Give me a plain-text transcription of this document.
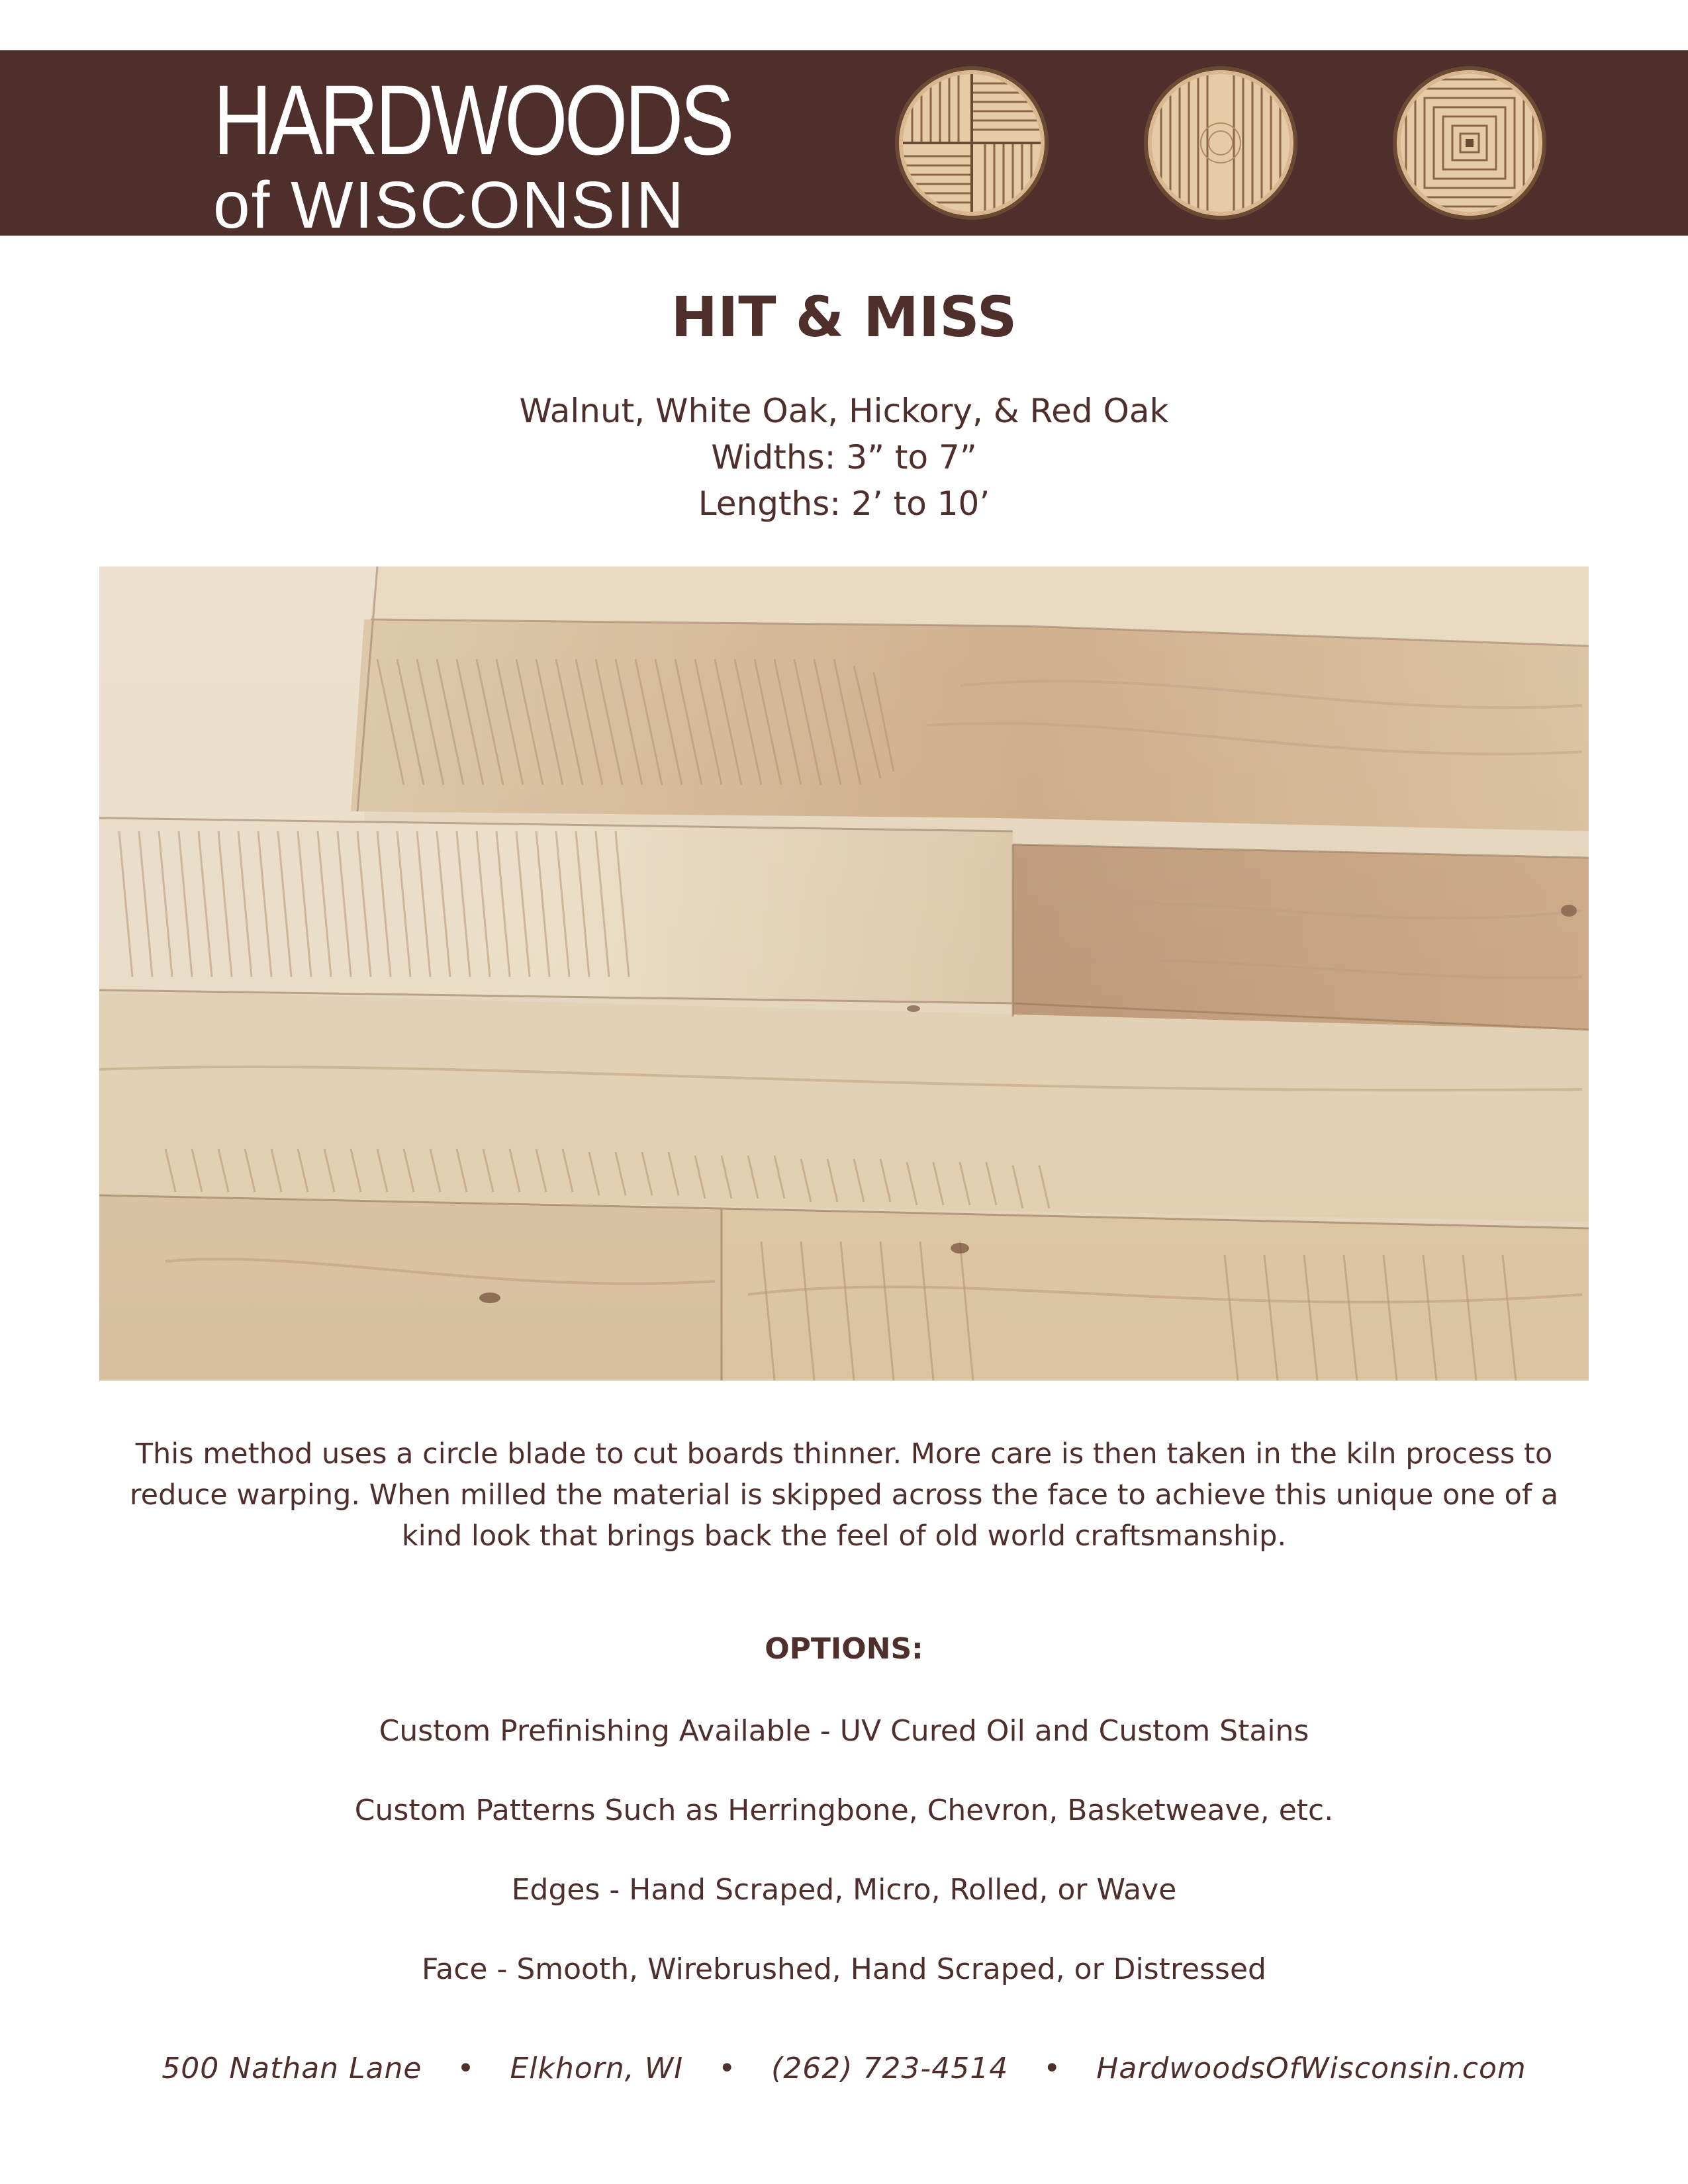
HARDWOODS
of WISCONSIN
HIT & MISS
Walnut, White Oak, Hickory, & Red Oak
Widths: 3” to 7”
Lengths: 2’ to 10’

This method uses a circle blade to cut boards thinner. More care is then taken in the kiln process to reduce warping. When milled the material is skipped across the face to achieve this unique one of a kind look that brings back the feel of old world craftsmanship.

OPTIONS:
Custom Prefinishing Available - UV Cured Oil and Custom Stains
Custom Patterns Such as Herringbone, Chevron, Basketweave, etc.
Edges - Hand Scraped, Micro, Rolled, or Wave
Face - Smooth, Wirebrushed, Hand Scraped, or Distressed
500 Nathan Lane • Elkhorn, WI • (262) 723-4514 • HardwoodsOfWisconsin.com
